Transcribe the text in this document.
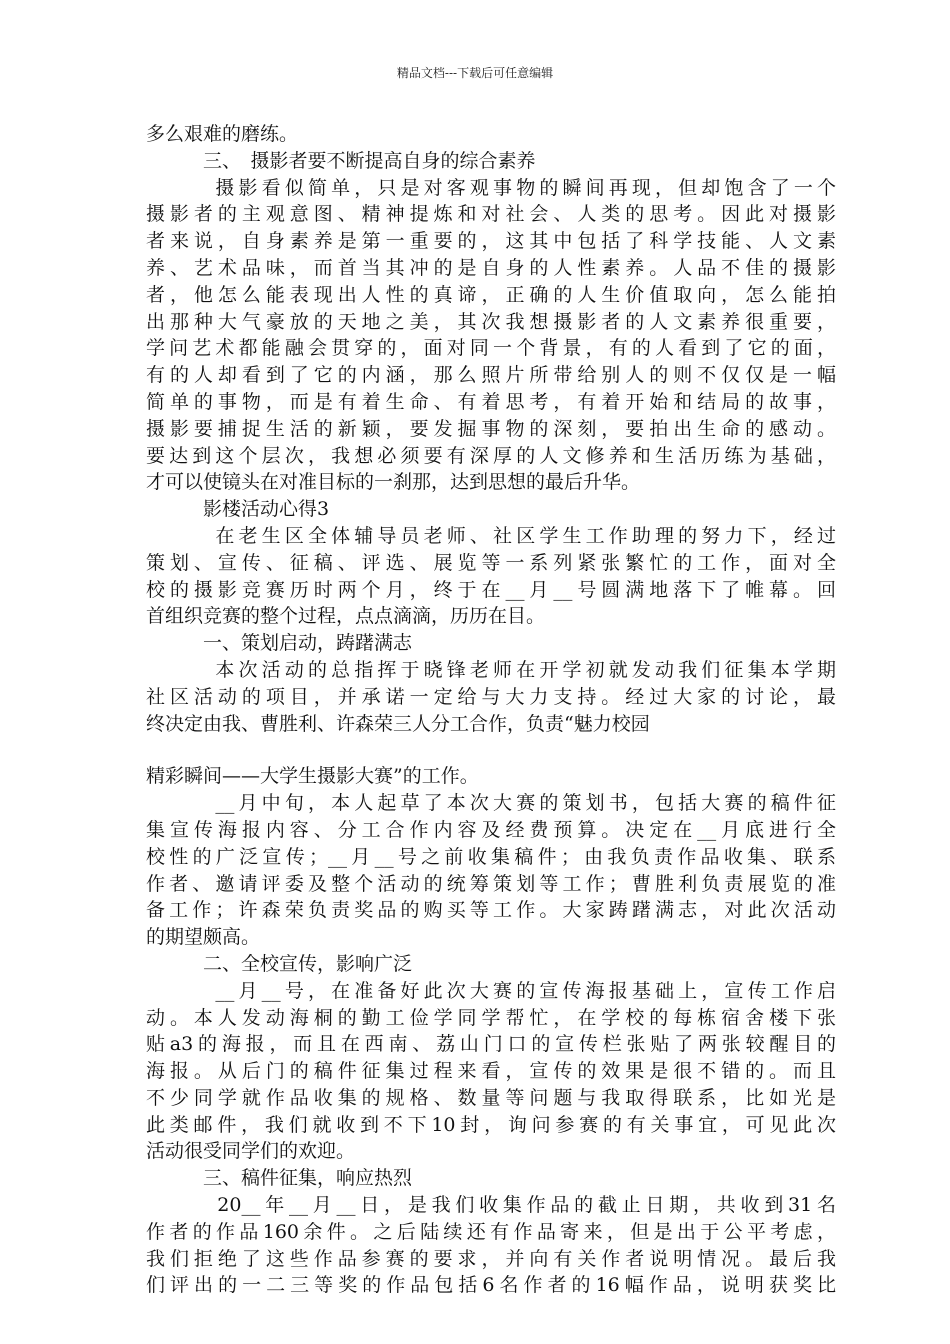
精品文档---下载后可任意编辑
多么艰难的磨练。
　　　三、　摄影者要不断提高自身的综合素养
　　　摄影看似简单，只是对客观事物的瞬间再现，但却饱含了一个
摄影者的主观意图、精神提炼和对社会、人类的思考。因此对摄影
者来说，自身素养是第一重要的，这其中包括了科学技能、人文素
养、艺术品味，而首当其冲的是自身的人性素养。人品不佳的摄影
者，他怎么能表现出人性的真谛，正确的人生价值取向，怎么能拍
出那种大气豪放的天地之美，其次我想摄影者的人文素养很重要，
学问艺术都能融会贯穿的，面对同一个背景，有的人看到了它的面，
有的人却看到了它的内涵，那么照片所带给别人的则不仅仅是一幅
简单的事物，而是有着生命、有着思考，有着开始和结局的故事，
摄影要捕捉生活的新颖，要发掘事物的深刻，要拍出生命的感动。
要达到这个层次，我想必须要有深厚的人文修养和生活历练为基础，
才可以使镜头在对准目标的一刹那，达到思想的最后升华。
　　　影楼活动心得3
　　　在老生区全体辅导员老师、社区学生工作助理的努力下，经过
策划、宣传、征稿、评选、展览等一系列紧张繁忙的工作，面对全
校的摄影竞赛历时两个月，终于在__月__号圆满地落下了帷幕。回
首组织竞赛的整个过程，点点滴滴，历历在目。
　　　一、策划启动，踌躇满志
　　　本次活动的总指挥于晓锋老师在开学初就发动我们征集本学期
社区活动的项目，并承诺一定给与大力支持。经过大家的讨论，最
终决定由我、曹胜利、许森荣三人分工合作，负责“魅力校园
精彩瞬间——大学生摄影大赛”的工作。
　　　__月中旬，本人起草了本次大赛的策划书，包括大赛的稿件征
集宣传海报内容、分工合作内容及经费预算。决定在__月底进行全
校性的广泛宣传；__月__号之前收集稿件；由我负责作品收集、联系
作者、邀请评委及整个活动的统筹策划等工作；曹胜利负责展览的准
备工作；许森荣负责奖品的购买等工作。大家踌躇满志，对此次活动
的期望颇高。
　　　二、全校宣传，影响广泛
　　　__月__号，在准备好此次大赛的宣传海报基础上，宣传工作启
动。本人发动海桐的勤工俭学同学帮忙，在学校的每栋宿舍楼下张
贴a3的海报，而且在西南、荔山门口的宣传栏张贴了两张较醒目的
海报。从后门的稿件征集过程来看，宣传的效果是很不错的。而且
不少同学就作品收集的规格、数量等问题与我取得联系，比如光是
此类邮件，我们就收到不下10封，询问参赛的有关事宜，可见此次
活动很受同学们的欢迎。
　　　三、稿件征集，响应热烈
　　　20__年__月__日，是我们收集作品的截止日期，共收到31名
作者的作品160余件。之后陆续还有作品寄来，但是出于公平考虑，
我们拒绝了这些作品参赛的要求，并向有关作者说明情况。最后我
们评出的一二三等奖的作品包括6名作者的16幅作品，说明获奖比
